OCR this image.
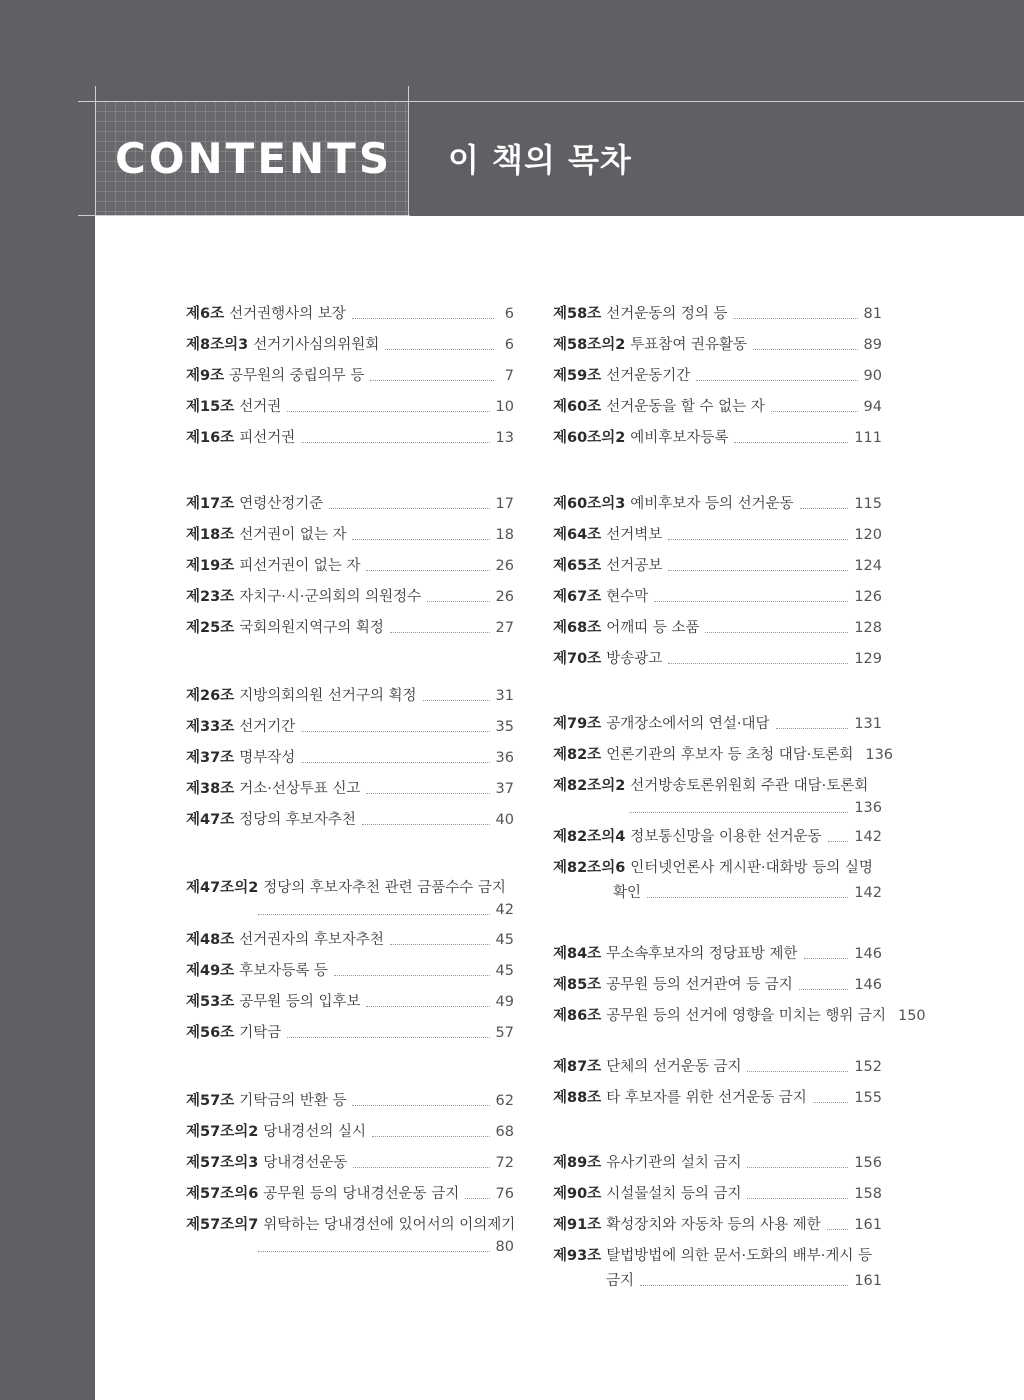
CONTENTS 이 책의 목차
제6조 선거권행사의 보장	6
제8조의3 선거기사심의위원회	6
제9조 공무원의 중립의무 등	7
제15조 선거권	10
제16조 피선거권	13
제17조 연령산정기준	17
제18조 선거권이 없는 자	18
제19조 피선거권이 없는 자	26
제23조 자치구·시·군의회의 의원정수	26
제25조 국회의원지역구의 획정	27
제26조 지방의회의원 선거구의 획정	31
제33조 선거기간	35
제37조 명부작성	36
제38조 거소·선상투표 신고	37
제47조 정당의 후보자추천	40
제47조의2 정당의 후보자추천 관련 금품수수 금지
42
제48조 선거권자의 후보자추천	45
제49조 후보자등록 등	45
제53조 공무원 등의 입후보	49
제56조 기탁금	57
제57조 기탁금의 반환 등	62
제57조의2 당내경선의 실시	68
제57조의3 당내경선운동	72
제57조의6 공무원 등의 당내경선운동 금지	76
제57조의7 위탁하는 당내경선에 있어서의 이의제기
80
제58조 선거운동의 정의 등	81
제58조의2 투표참여 권유활동	89
제59조 선거운동기간	90
제60조 선거운동을 할 수 없는 자	94
제60조의2 예비후보자등록	111
제60조의3 예비후보자 등의 선거운동	115
제64조 선거벽보	120
제65조 선거공보	124
제67조 현수막	126
제68조 어깨띠 등 소품	128
제70조 방송광고	129
제79조 공개장소에서의 연설·대담	131
제82조 언론기관의 후보자 등 초청 대담·토론회 136
제82조의2 선거방송토론위원회 주관 대담·토론회
136
제82조의4 정보통신망을 이용한 선거운동 142
제82조의6 인터넷언론사 게시판·대화방 등의 실명
확인	142
제84조 무소속후보자의 정당표방 제한	146
제85조 공무원 등의 선거관여 등 금지	146
제86조 공무원 등의 선거에 영향을 미치는 행위 금지 150
제87조 단체의 선거운동 금지	152
제88조 타 후보자를 위한 선거운동 금지	155
제89조 유사기관의 설치 금지	156
제90조 시설물설치 등의 금지	158
제91조 확성장치와 자동차 등의 사용 제한 161
제93조 탈법방법에 의한 문서·도화의 배부·게시 등
금지	161
